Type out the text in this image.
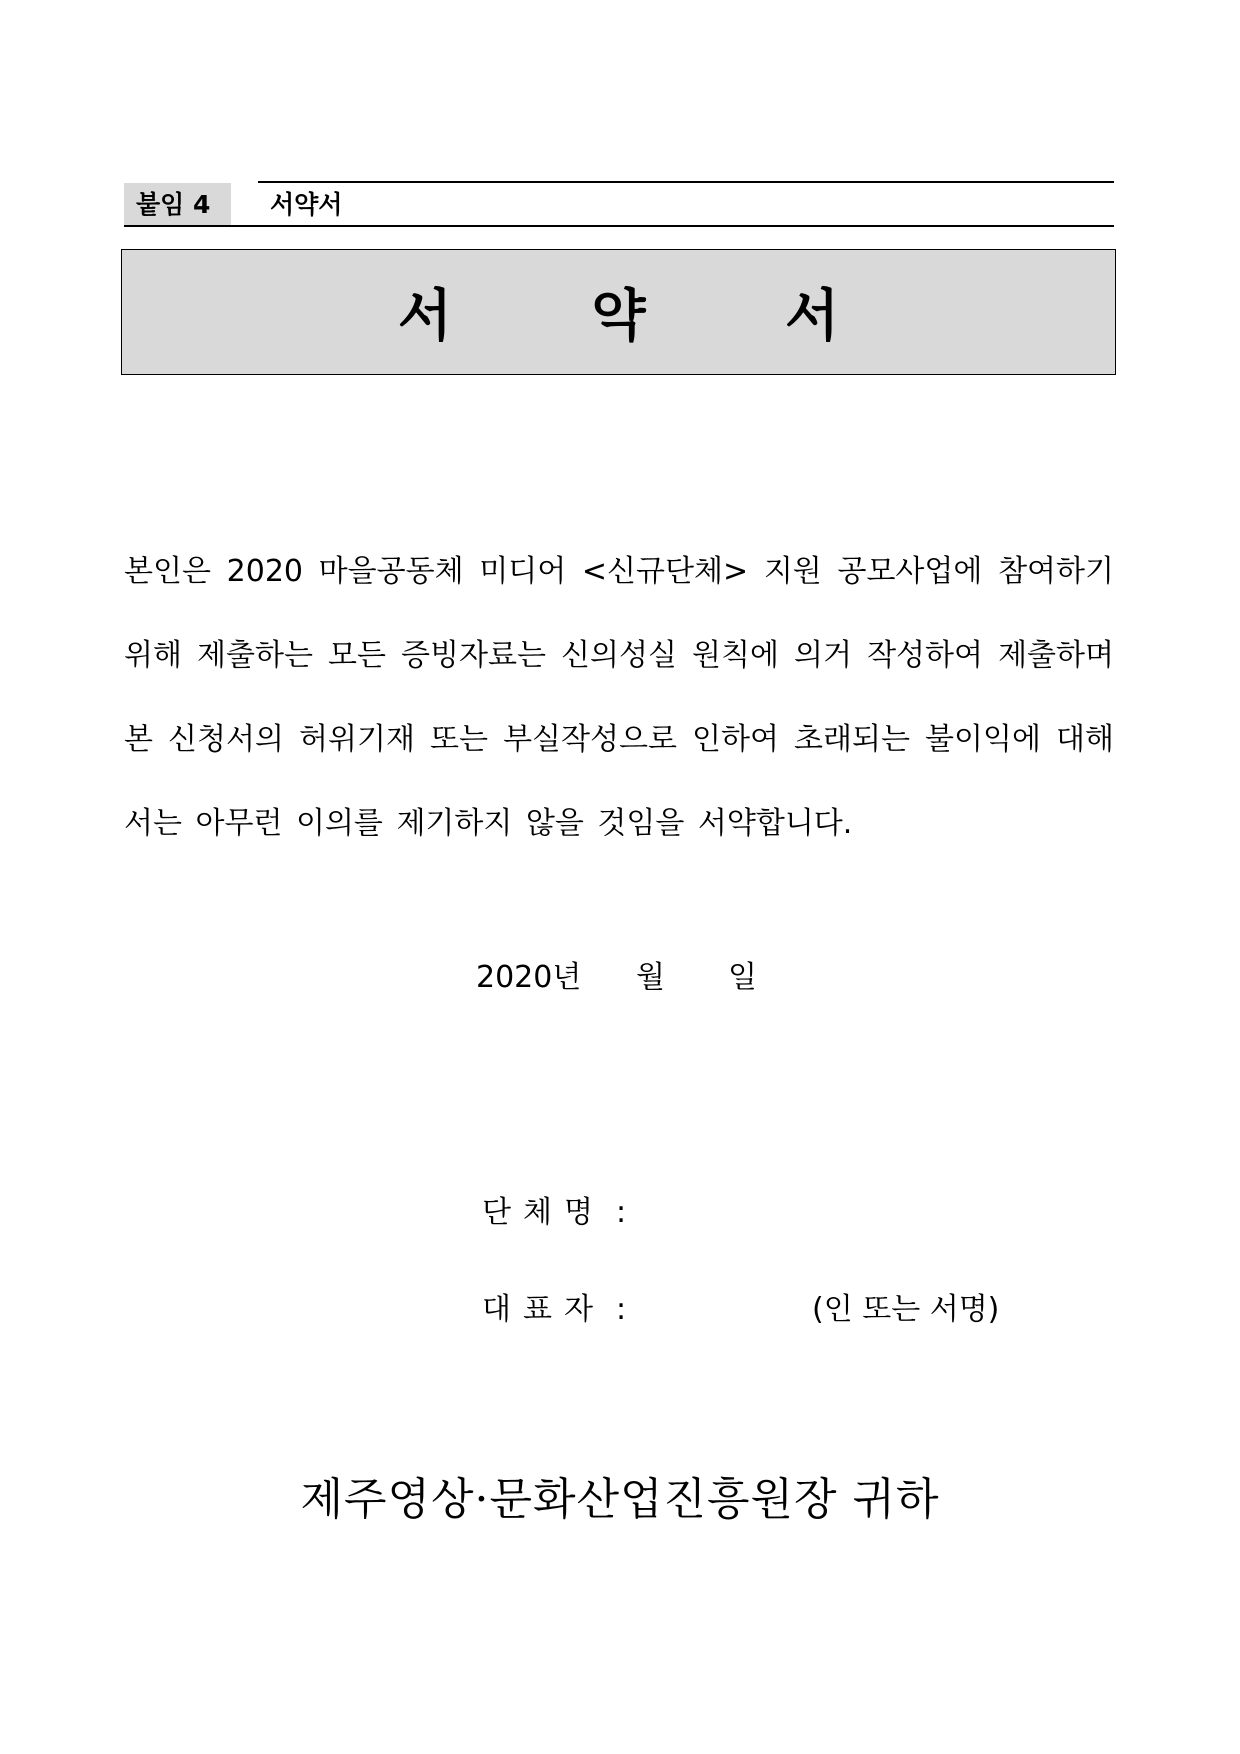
붙임 4	서약서
서 약 서

본인은 2020 마을공동체 미디어 <신규단체> 지원 공모사업에 참여하기 위해 제출하는 모든 증빙자료는 신의성실 원칙에 의거 작성하여 제출하며 본 신청서의 허위기재 또는 부실작성으로 인하여 초래되는 불이익에 대해서는 아무런 이의를 제기하지 않을 것임을 서약합니다.

2020년 월 일
단체명 :
대표자 :	(인 또는 서명)
제주영상·문화산업진흥원장 귀하
